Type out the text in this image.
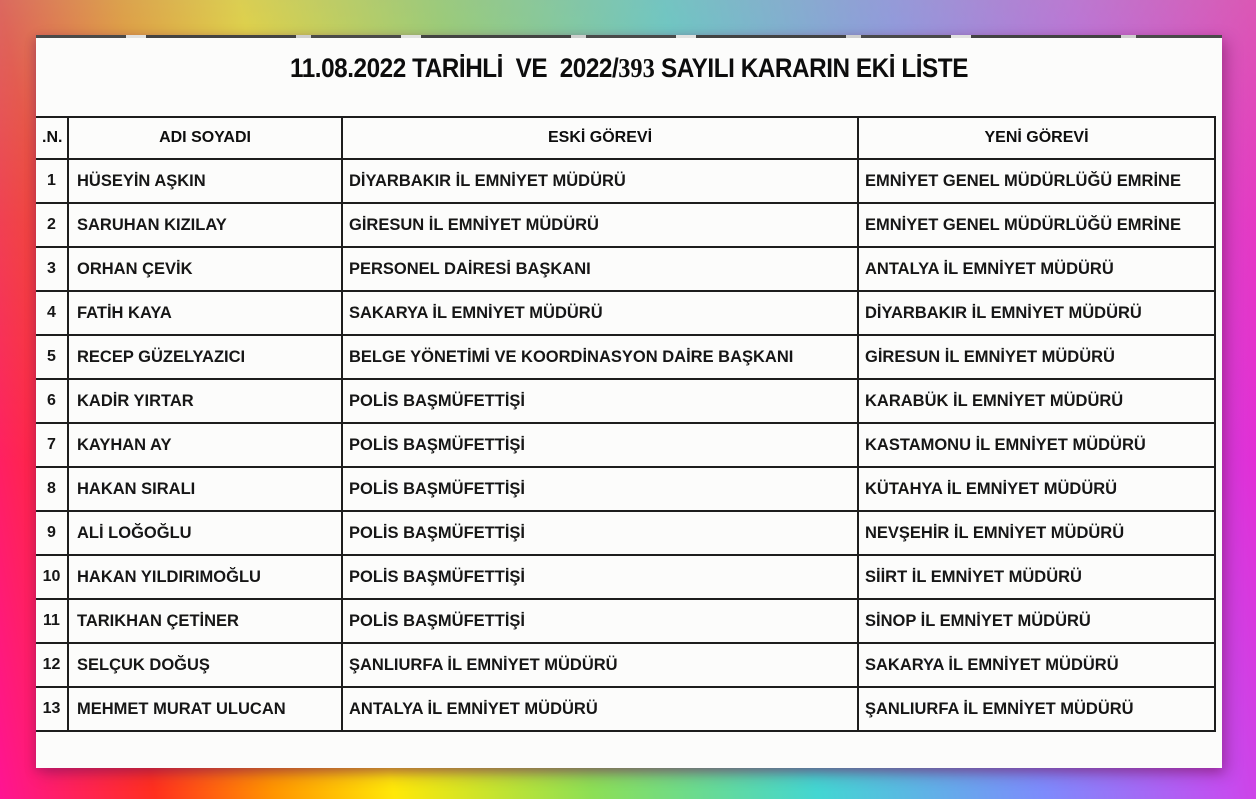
11.08.2022 TARİHLİ  VE  2022/393 SAYILI KARARIN EKİ LİSTE
.N.	ADI SOYADI	ESKİ GÖREVİ	YENİ GÖREVİ
1	HÜSEYİN AŞKIN	DİYARBAKIR İL EMNİYET MÜDÜRÜ	EMNİYET GENEL MÜDÜRLÜĞÜ EMRİNE
2	SARUHAN KIZILAY	GİRESUN İL EMNİYET MÜDÜRÜ	EMNİYET GENEL MÜDÜRLÜĞÜ EMRİNE
3	ORHAN ÇEVİK	PERSONEL DAİRESİ BAŞKANI	ANTALYA İL EMNİYET MÜDÜRÜ
4	FATİH KAYA	SAKARYA İL EMNİYET MÜDÜRÜ	DİYARBAKIR İL EMNİYET MÜDÜRÜ
5	RECEP GÜZELYAZICI	BELGE YÖNETİMİ VE KOORDİNASYON DAİRE BAŞKANI	GİRESUN İL EMNİYET MÜDÜRÜ
6	KADİR YIRTAR	POLİS BAŞMÜFETTİŞİ	KARABÜK İL EMNİYET MÜDÜRÜ
7	KAYHAN AY	POLİS BAŞMÜFETTİŞİ	KASTAMONU İL EMNİYET MÜDÜRÜ
8	HAKAN SIRALI	POLİS BAŞMÜFETTİŞİ	KÜTAHYA İL EMNİYET MÜDÜRÜ
9	ALİ LOĞOĞLU	POLİS BAŞMÜFETTİŞİ	NEVŞEHİR İL EMNİYET MÜDÜRÜ
10	HAKAN YILDIRIMOĞLU	POLİS BAŞMÜFETTİŞİ	SİİRT İL EMNİYET MÜDÜRÜ
11	TARIKHAN ÇETİNER	POLİS BAŞMÜFETTİŞİ	SİNOP İL EMNİYET MÜDÜRÜ
12	SELÇUK DOĞUŞ	ŞANLIURFA İL EMNİYET MÜDÜRÜ	SAKARYA İL EMNİYET MÜDÜRÜ
13	MEHMET MURAT ULUCAN	ANTALYA İL EMNİYET MÜDÜRÜ	ŞANLIURFA İL EMNİYET MÜDÜRÜ
